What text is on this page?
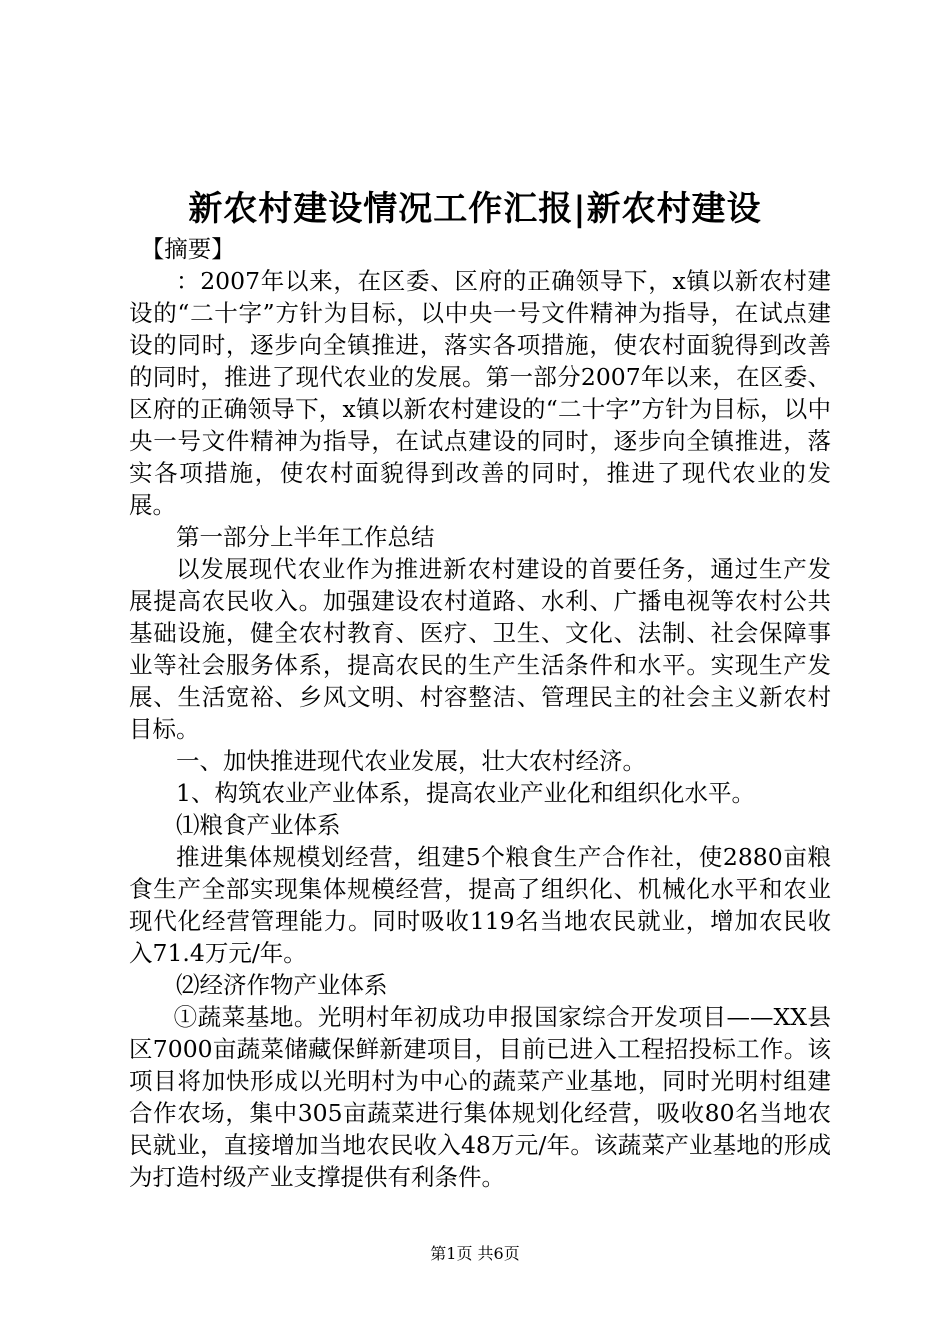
新农村建设情况工作汇报|新农村建设

【摘要】

：2007年以来，在区委、区府的正确领导下，x镇以新农村建设的“二十字”方针为目标，以中央一号文件精神为指导，在试点建设的同时，逐步向全镇推进，落实各项措施，使农村面貌得到改善的同时，推进了现代农业的发展。第一部分2007年以来，在区委、区府的正确领导下，x镇以新农村建设的“二十字”方针为目标，以中央一号文件精神为指导，在试点建设的同时，逐步向全镇推进，落实各项措施，使农村面貌得到改善的同时，推进了现代农业的发展。

第一部分上半年工作总结

以发展现代农业作为推进新农村建设的首要任务，通过生产发展提高农民收入。加强建设农村道路、水利、广播电视等农村公共基础设施，健全农村教育、医疗、卫生、文化、法制、社会保障事业等社会服务体系，提高农民的生产生活条件和水平。实现生产发展、生活宽裕、乡风文明、村容整洁、管理民主的社会主义新农村目标。

一、加快推进现代农业发展，壮大农村经济。

1、构筑农业产业体系，提高农业产业化和组织化水平。

⑴粮食产业体系

推进集体规模划经营，组建5个粮食生产合作社，使2880亩粮食生产全部实现集体规模经营，提高了组织化、机械化水平和农业现代化经营管理能力。同时吸收119名当地农民就业，增加农民收入71.4万元/年。

⑵经济作物产业体系

①蔬菜基地。光明村年初成功申报国家综合开发项目——XX县区7000亩蔬菜储藏保鲜新建项目，目前已进入工程招投标工作。该项目将加快形成以光明村为中心的蔬菜产业基地，同时光明村组建合作农场，集中305亩蔬菜进行集体规划化经营，吸收80名当地农民就业，直接增加当地农民收入48万元/年。该蔬菜产业基地的形成为打造村级产业支撑提供有利条件。

第1页 共6页
